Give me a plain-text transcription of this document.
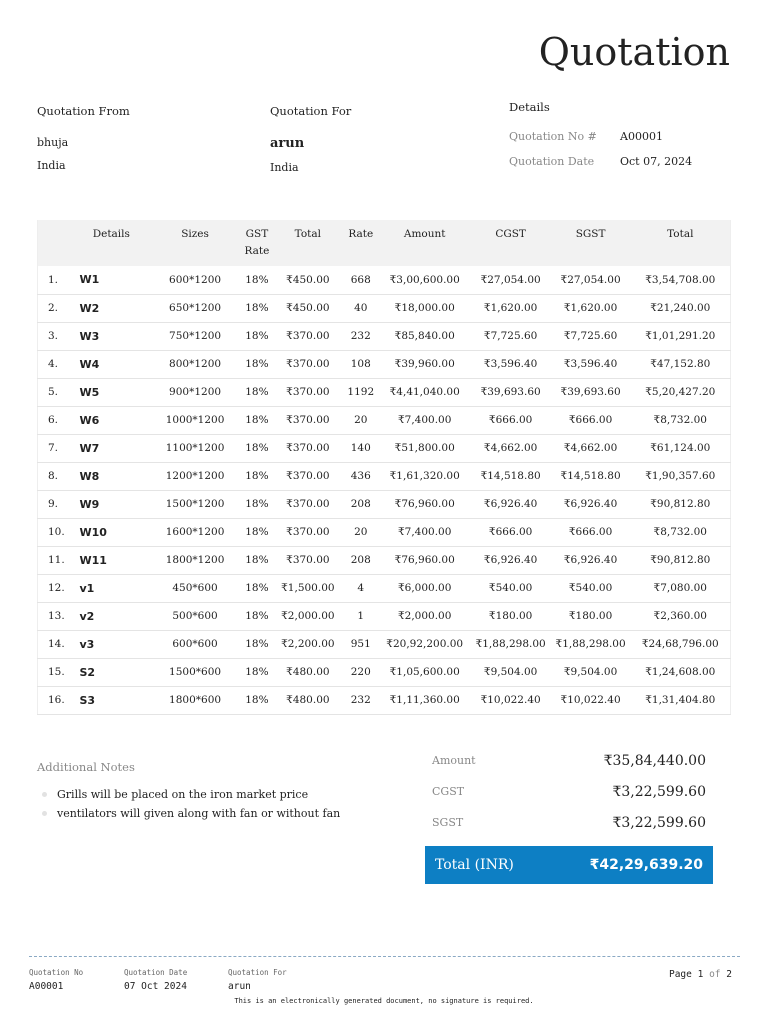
Quotation
Quotation From
bhuja
India
Quotation For
arun
India
Details
Quotation No #	A00001
Quotation Date	Oct 07, 2024
	Details	Sizes	GST Rate	Total	Rate	Amount	CGST	SGST	Total
1.	W1	600*1200	18%	₹450.00	668	₹3,00,600.00	₹27,054.00	₹27,054.00	₹3,54,708.00
2.	W2	650*1200	18%	₹450.00	40	₹18,000.00	₹1,620.00	₹1,620.00	₹21,240.00
3.	W3	750*1200	18%	₹370.00	232	₹85,840.00	₹7,725.60	₹7,725.60	₹1,01,291.20
4.	W4	800*1200	18%	₹370.00	108	₹39,960.00	₹3,596.40	₹3,596.40	₹47,152.80
5.	W5	900*1200	18%	₹370.00	1192	₹4,41,040.00	₹39,693.60	₹39,693.60	₹5,20,427.20
6.	W6	1000*1200	18%	₹370.00	20	₹7,400.00	₹666.00	₹666.00	₹8,732.00
7.	W7	1100*1200	18%	₹370.00	140	₹51,800.00	₹4,662.00	₹4,662.00	₹61,124.00
8.	W8	1200*1200	18%	₹370.00	436	₹1,61,320.00	₹14,518.80	₹14,518.80	₹1,90,357.60
9.	W9	1500*1200	18%	₹370.00	208	₹76,960.00	₹6,926.40	₹6,926.40	₹90,812.80
10.	W10	1600*1200	18%	₹370.00	20	₹7,400.00	₹666.00	₹666.00	₹8,732.00
11.	W11	1800*1200	18%	₹370.00	208	₹76,960.00	₹6,926.40	₹6,926.40	₹90,812.80
12.	v1	450*600	18%	₹1,500.00	4	₹6,000.00	₹540.00	₹540.00	₹7,080.00
13.	v2	500*600	18%	₹2,000.00	1	₹2,000.00	₹180.00	₹180.00	₹2,360.00
14.	v3	600*600	18%	₹2,200.00	951	₹20,92,200.00	₹1,88,298.00	₹1,88,298.00	₹24,68,796.00
15.	S2	1500*600	18%	₹480.00	220	₹1,05,600.00	₹9,504.00	₹9,504.00	₹1,24,608.00
16.	S3	1800*600	18%	₹480.00	232	₹1,11,360.00	₹10,022.40	₹10,022.40	₹1,31,404.80
Additional Notes
Grills will be placed on the iron market price
ventilators will given along with fan or without fan
Amount	₹35,84,440.00
CGST	₹3,22,599.60
SGST	₹3,22,599.60
Total (INR)	₹42,29,639.20
Quotation No
A00001
Quotation Date
07 Oct 2024
Quotation For
arun
Page 1 of 2
This is an electronically generated document, no signature is required.
